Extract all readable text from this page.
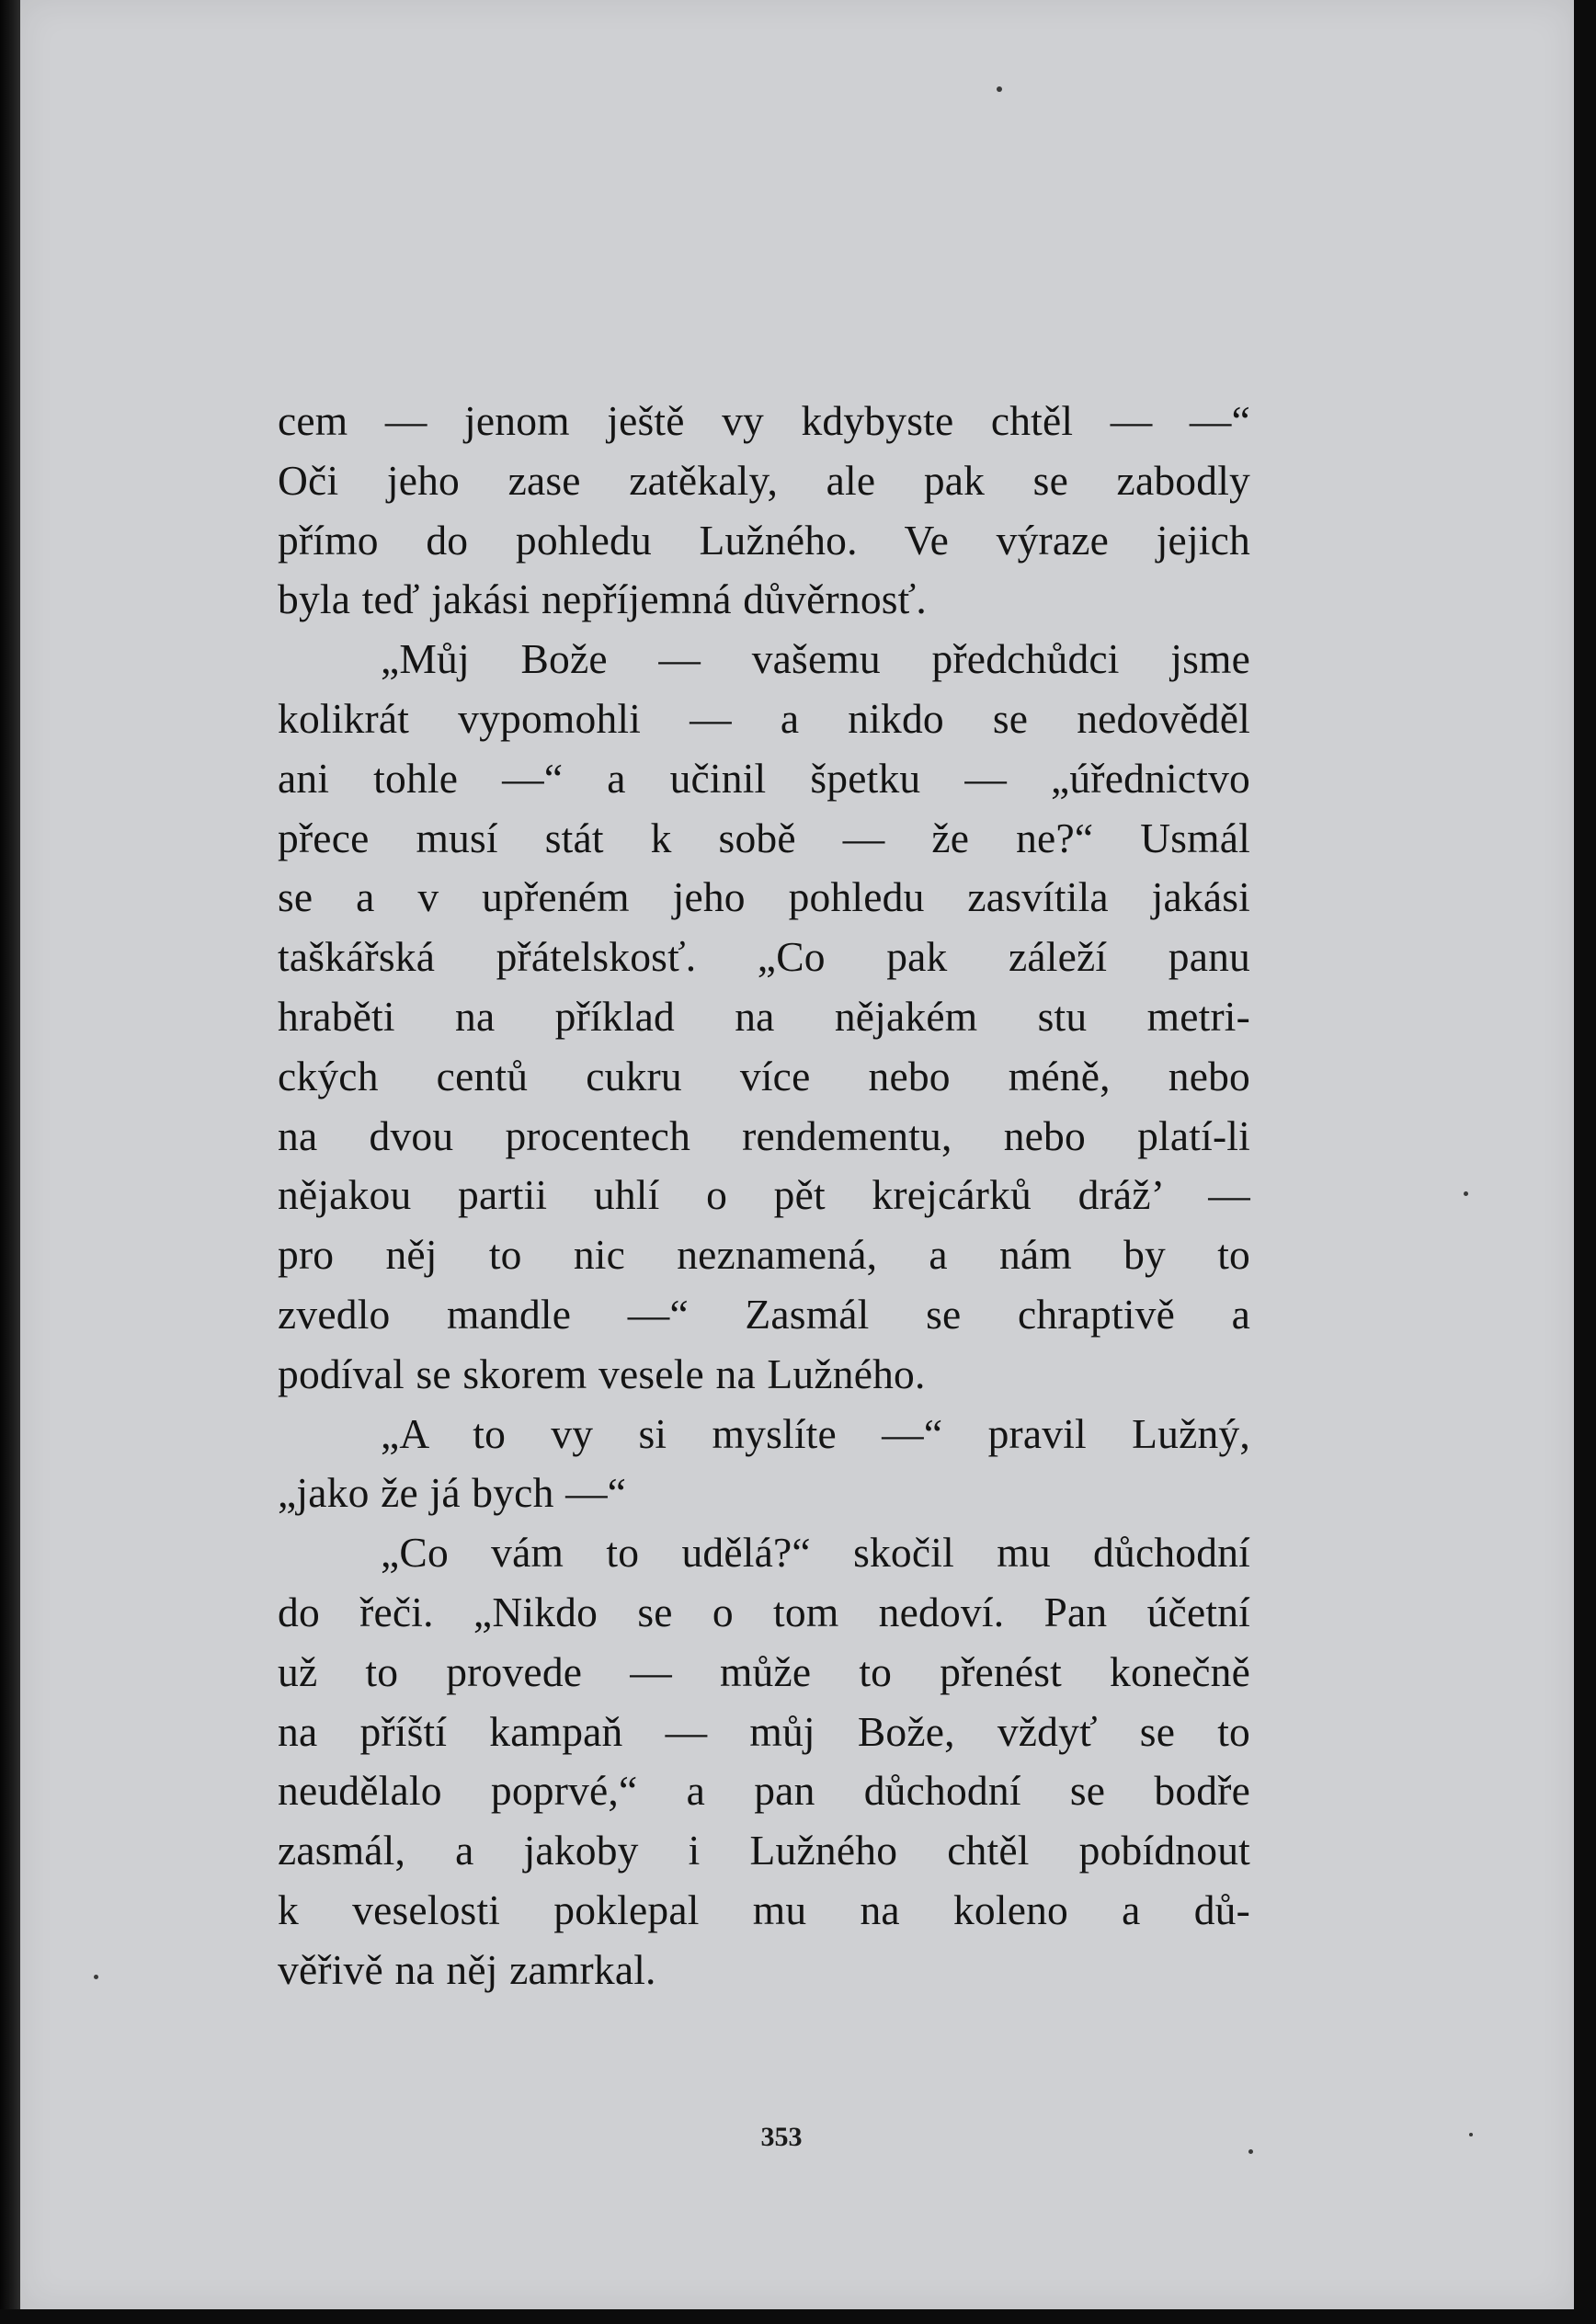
cem — jenom ještě vy kdybyste chtěl — —“
Oči jeho zase zatěkaly, ale pak se zabodly
přímo do pohledu Lužného. Ve výraze jejich
byla teď jakási nepříjemná důvěrnosť.
„Můj Bože — vašemu předchůdci jsme
kolikrát vypomohli — a nikdo se nedověděl
ani tohle —“ a učinil špetku — „úřednictvo
přece musí stát k sobě — že ne?“ Usmál
se a v upřeném jeho pohledu zasvítila jakási
taškářská přátelskosť. „Co pak záleží panu
hraběti na příklad na nějakém stu metri-
ckých centů cukru více nebo méně, nebo
na dvou procentech rendementu, nebo platí-li
nějakou partii uhlí o pět krejcárků dráž’ —
pro něj to nic neznamená, a nám by to
zvedlo mandle —“ Zasmál se chraptivě a
podíval se skorem vesele na Lužného.
„A to vy si myslíte —“ pravil Lužný,
„jako že já bych —“
„Co vám to udělá?“ skočil mu důchodní
do řeči. „Nikdo se o tom nedoví. Pan účetní
už to provede — může to přenést konečně
na příští kampaň — můj Bože, vždyť se to
neudělalo poprvé,“ a pan důchodní se bodře
zasmál, a jakoby i Lužného chtěl pobídnout
k veselosti poklepal mu na koleno a dů-
věřivě na něj zamrkal.
353
